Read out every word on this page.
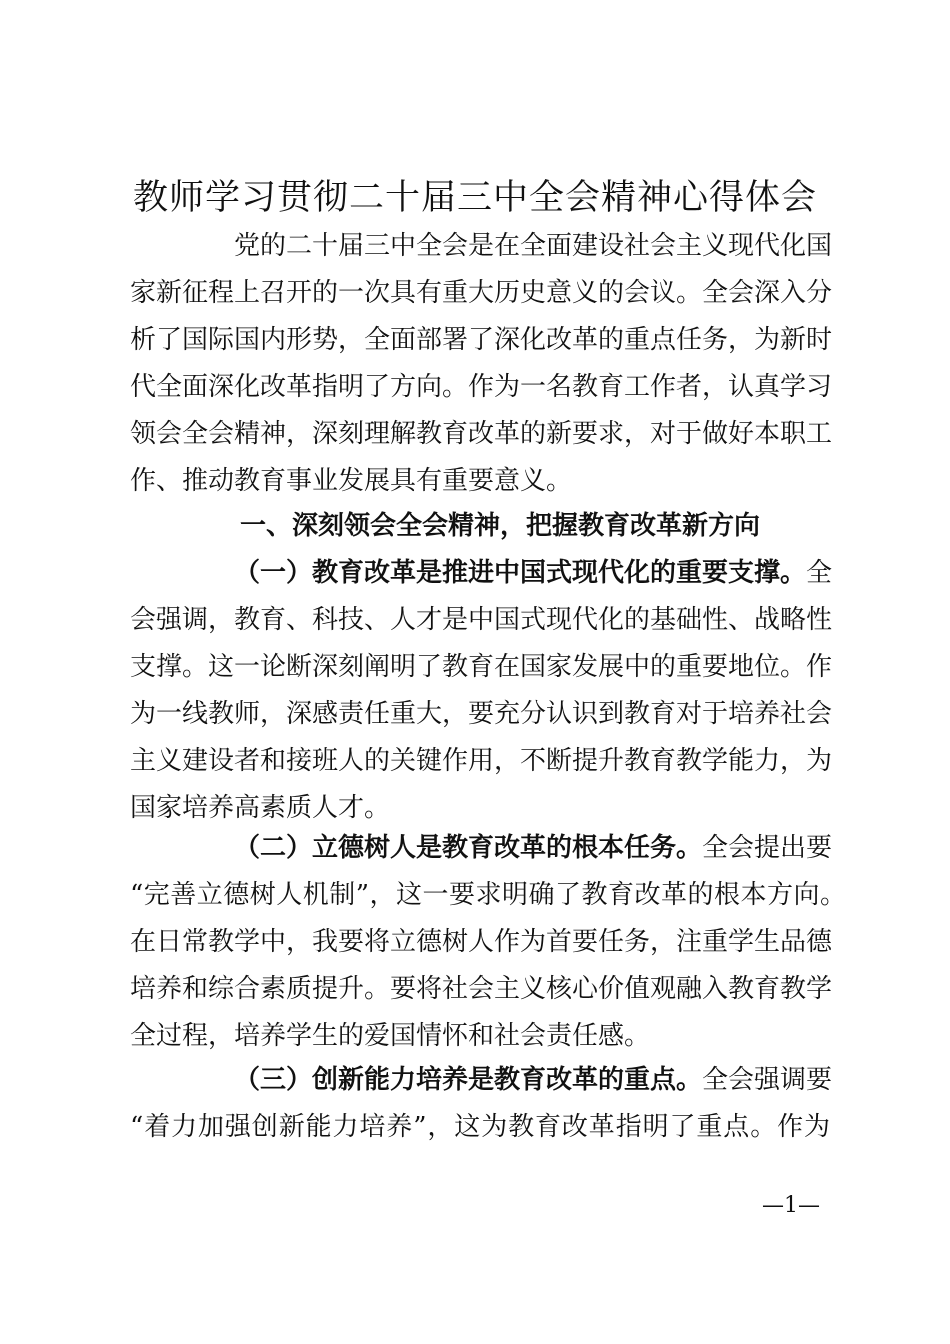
教师学习贯彻二十届三中全会精神心得体会
党的二十届三中全会是在全面建设社会主义现代化国
家新征程上召开的一次具有重大历史意义的会议。全会深入分
析了国际国内形势，全面部署了深化改革的重点任务，为新时
代全面深化改革指明了方向。作为一名教育工作者，认真学习
领会全会精神，深刻理解教育改革的新要求，对于做好本职工
作、推动教育事业发展具有重要意义。
一、深刻领会全会精神，把握教育改革新方向
（一）教育改革是推进中国式现代化的重要支撑。全
会强调，教育、科技、人才是中国式现代化的基础性、战略性
支撑。这一论断深刻阐明了教育在国家发展中的重要地位。作
为一线教师，深感责任重大，要充分认识到教育对于培养社会
主义建设者和接班人的关键作用，不断提升教育教学能力，为
国家培养高素质人才。
（二）立德树人是教育改革的根本任务。全会提出要
“完善立德树人机制”，这一要求明确了教育改革的根本方向。
在日常教学中，我要将立德树人作为首要任务，注重学生品德
培养和综合素质提升。要将社会主义核心价值观融入教育教学
全过程，培养学生的爱国情怀和社会责任感。
（三）创新能力培养是教育改革的重点。全会强调要
“着力加强创新能力培养”，这为教育改革指明了重点。作为
—1—
